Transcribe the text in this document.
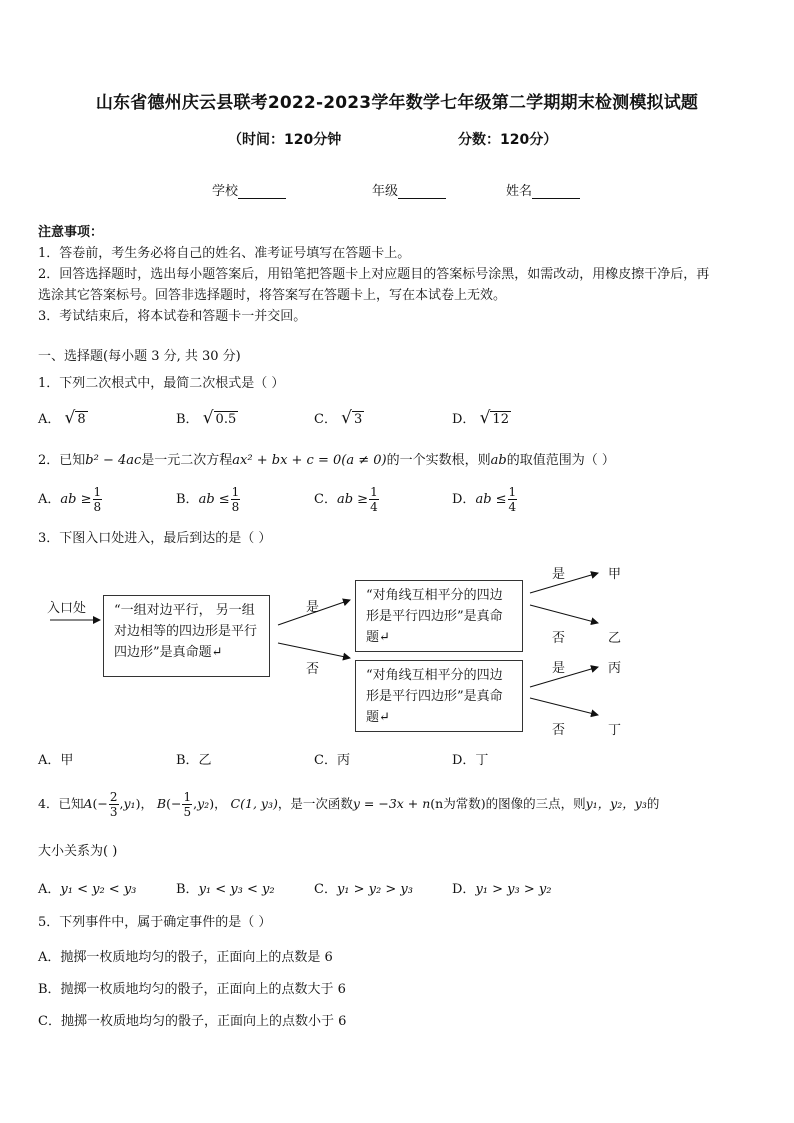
山东省德州庆云县联考2022-2023学年数学七年级第二学期期末检测模拟试题
（时间：120分钟	分数：120分）
学校	年级	姓名
注意事项：
1．答卷前，考生务必将自己的姓名、准考证号填写在答题卡上。
2．回答选择题时，选出每小题答案后，用铅笔把答题卡上对应题目的答案标号涂黑，如需改动，用橡皮擦干净后，再
选涂其它答案标号。回答非选择题时，将答案写在答题卡上，写在本试卷上无效。
3．考试结束后，将本试卷和答题卡一并交回。
一、选择题(每小题 3 分, 共 30 分)
1．下列二次根式中，最简二次根式是（ ）
A． √ 8	B． √ 0.5	C． √ 3	D． √ 12
2．已知b² − 4ac是一元二次方程ax² + bx + c = 0(a ≠ 0)的一个实数根，则ab的取值范围为（ ）
A．ab ≥ $\frac{1}{8}$	B．ab ≤ $\frac{1}{8}$	C．ab ≥ $\frac{1}{4}$	D．ab ≤ $\frac{1}{4}$
3．下图入口处进入，最后到达的是（ ）
入口处	“一组对边平行， 另一组对边相等的四边形是平行四边形”是真命题↵
“对角线互相平分的四边形是平行四边形”是真命题↵
“对角线互相平分的四边形是平行四边形”是真命题↵
是
否
是
否
是
否
甲
乙
丙
丁
A．甲	B．乙	C．丙	D．丁
4．已知$A(- \frac{2}{3} ,y_1)$， $B(- \frac{1}{5} ,y_2)$， C(1, y₃)，是一次函数y = −3x + n(n为常数)的图像的三点，则y₁，y₂，y₃的
大小关系为( )
A．y₁ < y₂ < y₃	B．y₁ < y₃ < y₂	C．y₁ > y₂ > y₃	D．y₁ > y₃ > y₂
5．下列事件中，属于确定事件的是（ ）
A．抛掷一枚质地均匀的骰子，正面向上的点数是 6
B．抛掷一枚质地均匀的骰子，正面向上的点数大于 6
C．抛掷一枚质地均匀的骰子，正面向上的点数小于 6
